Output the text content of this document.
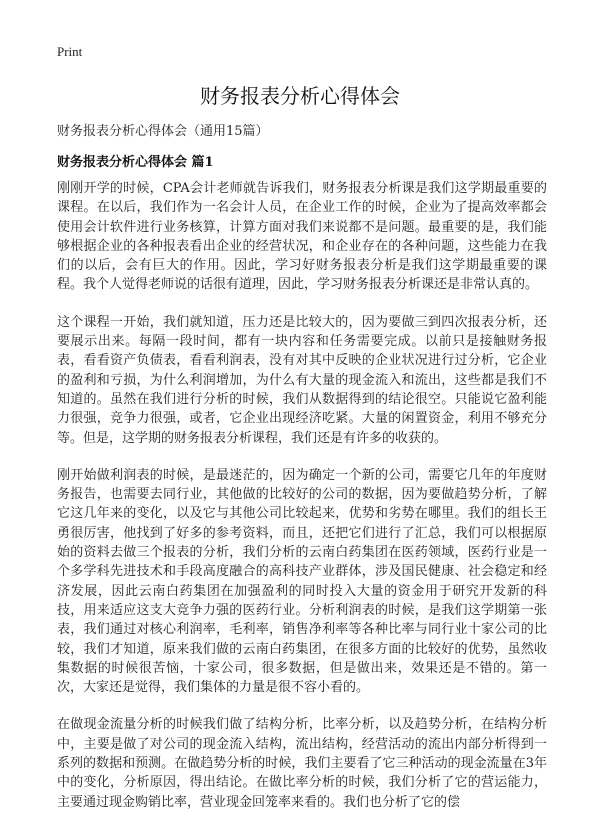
Print
财务报表分析心得体会
财务报表分析心得体会（通用15篇）
财务报表分析心得体会 篇1

刚刚开学的时候，CPA会计老师就告诉我们，财务报表分析课是我们这学期最重要的课程。在以后，我们作为一名会计人员，在企业工作的时候，企业为了提高效率都会使用会计软件进行业务核算，计算方面对我们来说都不是问题。最重要的是，我们能够根据企业的各种报表看出企业的经营状况，和企业存在的各种问题，这些能力在我们的以后，会有巨大的作用。因此，学习好财务报表分析是我们这学期最重要的课程。我个人觉得老师说的话很有道理，因此，学习财务报表分析课还是非常认真的。

这个课程一开始，我们就知道，压力还是比较大的，因为要做三到四次报表分析，还要展示出来。每隔一段时间，都有一块内容和任务需要完成。以前只是接触财务报表，看看资产负债表，看看利润表，没有对其中反映的企业状况进行过分析，它企业的盈利和亏损，为什么利润增加，为什么有大量的现金流入和流出，这些都是我们不知道的。虽然在我们进行分析的时候，我们从数据得到的结论很空。只能说它盈利能力很强，竞争力很强，或者，它企业出现经济吃紧。大量的闲置资金，利用不够充分等。但是，这学期的财务报表分析课程，我们还是有许多的收获的。

刚开始做利润表的时候，是最迷茫的，因为确定一个新的公司，需要它几年的年度财务报告，也需要去同行业，其他做的比较好的公司的数据，因为要做趋势分析，了解它这几年来的变化，以及它与其他公司比较起来，优势和劣势在哪里。我们的组长王勇很厉害，他找到了好多的参考资料，而且，还把它们进行了汇总，我们可以根据原始的资料去做三个报表的分析，我们分析的云南白药集团在医药领域，医药行业是一个多学科先进技术和手段高度融合的高科技产业群体，涉及国民健康、社会稳定和经济发展，因此云南白药集团在加强盈利的同时投入大量的资金用于研究开发新的科技，用来适应这支大竞争力强的医药行业。分析利润表的时候，是我们这学期第一张表，我们通过对核心利润率，毛利率，销售净利率等各种比率与同行业十家公司的比较，我们才知道，原来我们做的云南白药集团，在很多方面的比较好的优势，虽然收集数据的时候很苦恼，十家公司，很多数据，但是做出来，效果还是不错的。第一次，大家还是觉得，我们集体的力量是很不容小看的。

在做现金流量分析的时候我们做了结构分析，比率分析，以及趋势分析，在结构分析中，主要是做了对公司的现金流入结构，流出结构，经营活动的流出内部分析得到一系列的数据和预测。在做趋势分析的时候，我们主要看了它三种活动的现金流量在3年中的变化，分析原因，得出结论。在做比率分析的时候，我们分析了它的营运能力，主要通过现金购销比率，营业现金回笼率来看的。我们也分析了它的偿
